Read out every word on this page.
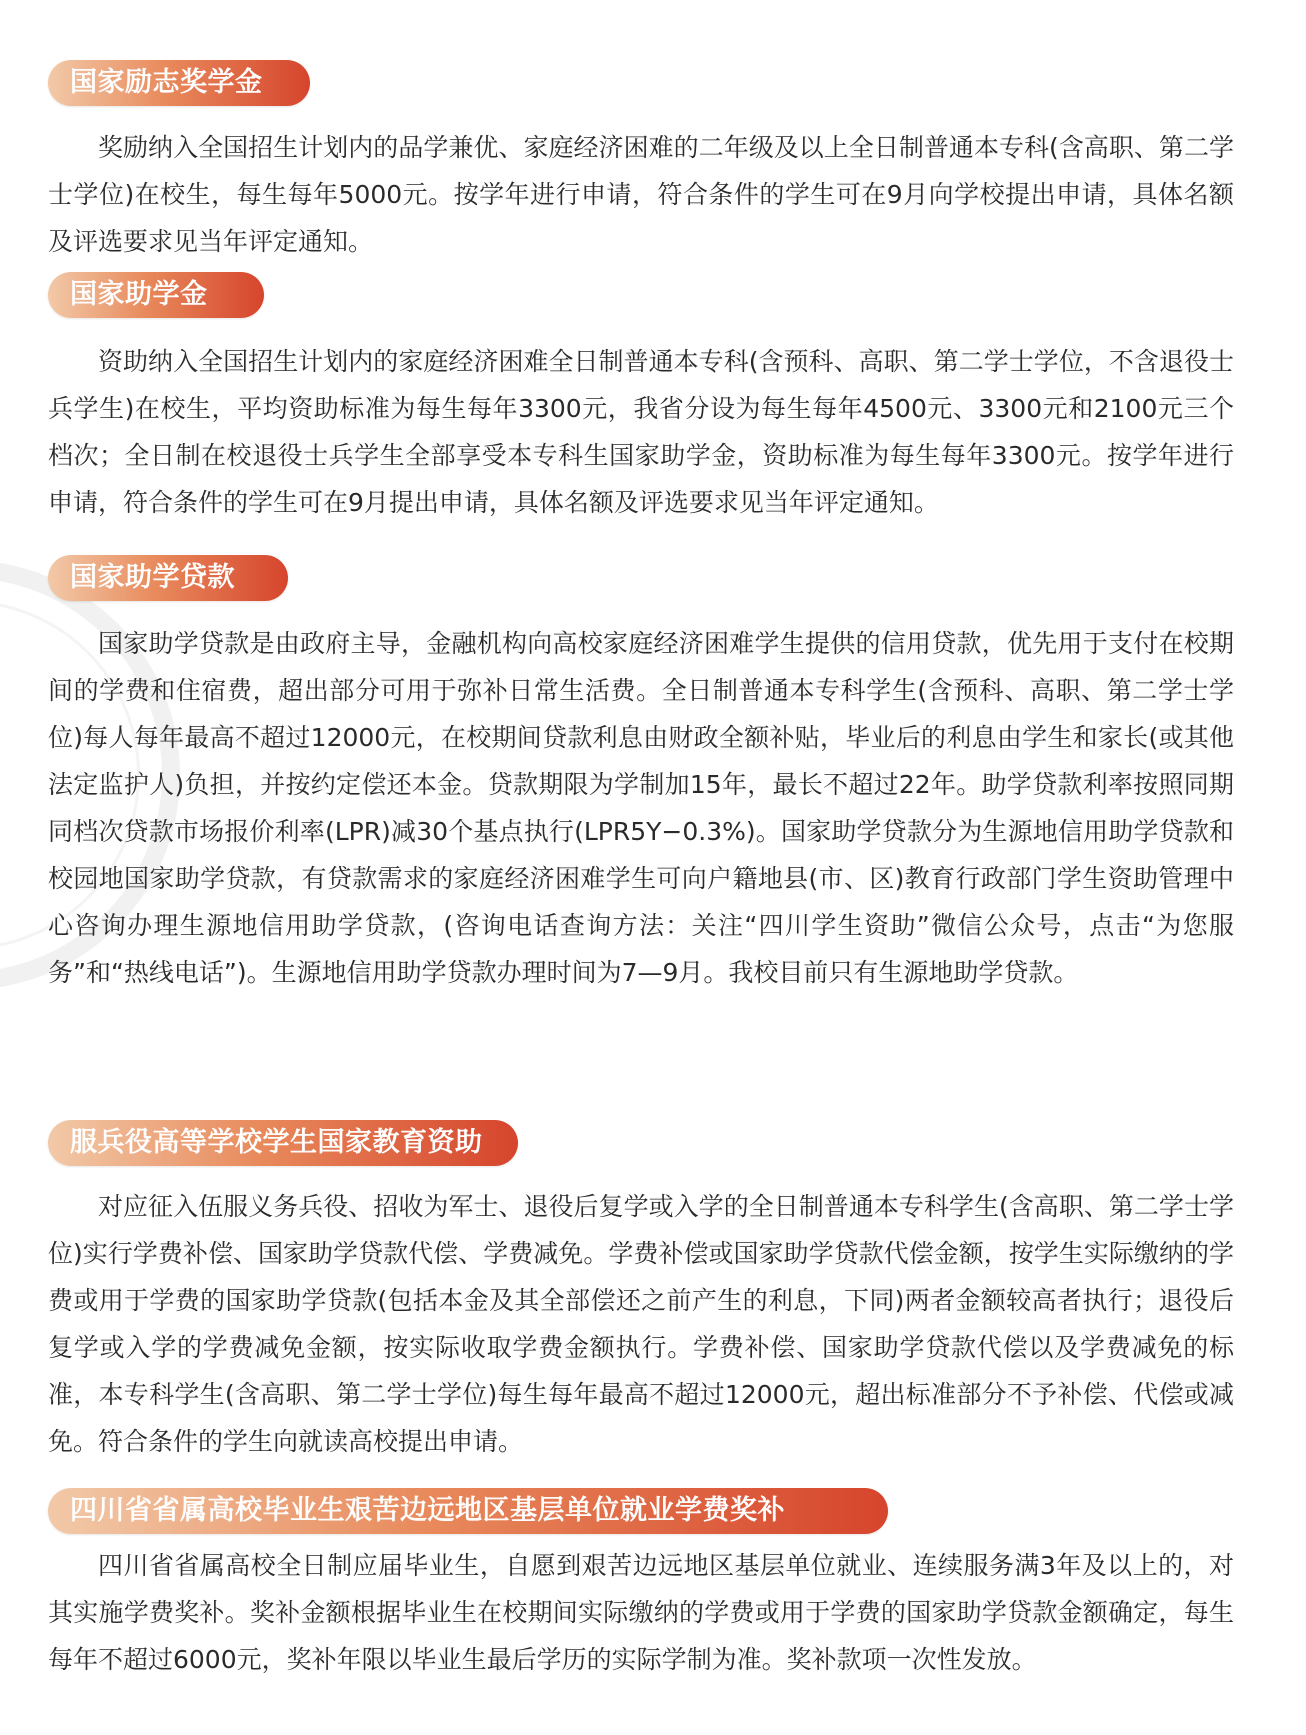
国家励志奖学金

奖励纳入全国招生计划内的品学兼优、家庭经济困难的二年级及以上全日制普通本专科(含高职、第二学士学位)在校生，每生每年5000元。按学年进行申请，符合条件的学生可在9月向学校提出申请，具体名额及评选要求见当年评定通知。

国家助学金

资助纳入全国招生计划内的家庭经济困难全日制普通本专科(含预科、高职、第二学士学位，不含退役士兵学生)在校生，平均资助标准为每生每年3300元，我省分设为每生每年4500元、3300元和2100元三个档次；全日制在校退役士兵学生全部享受本专科生国家助学金，资助标准为每生每年3300元。按学年进行申请，符合条件的学生可在9月提出申请，具体名额及评选要求见当年评定通知。

国家助学贷款

国家助学贷款是由政府主导，金融机构向高校家庭经济困难学生提供的信用贷款，优先用于支付在校期间的学费和住宿费，超出部分可用于弥补日常生活费。全日制普通本专科学生(含预科、高职、第二学士学位)每人每年最高不超过12000元，在校期间贷款利息由财政全额补贴，毕业后的利息由学生和家长(或其他法定监护人)负担，并按约定偿还本金。贷款期限为学制加15年，最长不超过22年。助学贷款利率按照同期同档次贷款市场报价利率(LPR)减30个基点执行(LPR5Y−0.3%)。国家助学贷款分为生源地信用助学贷款和校园地国家助学贷款，有贷款需求的家庭经济困难学生可向户籍地县(市、区)教育行政部门学生资助管理中心咨询办理生源地信用助学贷款，(咨询电话查询方法：关注“四川学生资助”微信公众号，点击“为您服务”和“热线电话”)。生源地信用助学贷款办理时间为7—9月。我校目前只有生源地助学贷款。

服兵役高等学校学生国家教育资助

对应征入伍服义务兵役、招收为军士、退役后复学或入学的全日制普通本专科学生(含高职、第二学士学位)实行学费补偿、国家助学贷款代偿、学费减免。学费补偿或国家助学贷款代偿金额，按学生实际缴纳的学费或用于学费的国家助学贷款(包括本金及其全部偿还之前产生的利息，下同)两者金额较高者执行；退役后复学或入学的学费减免金额，按实际收取学费金额执行。学费补偿、国家助学贷款代偿以及学费减免的标准，本专科学生(含高职、第二学士学位)每生每年最高不超过12000元，超出标准部分不予补偿、代偿或减免。符合条件的学生向就读高校提出申请。

四川省省属高校毕业生艰苦边远地区基层单位就业学费奖补

四川省省属高校全日制应届毕业生，自愿到艰苦边远地区基层单位就业、连续服务满3年及以上的，对其实施学费奖补。奖补金额根据毕业生在校期间实际缴纳的学费或用于学费的国家助学贷款金额确定，每生每年不超过6000元，奖补年限以毕业生最后学历的实际学制为准。奖补款项一次性发放。
